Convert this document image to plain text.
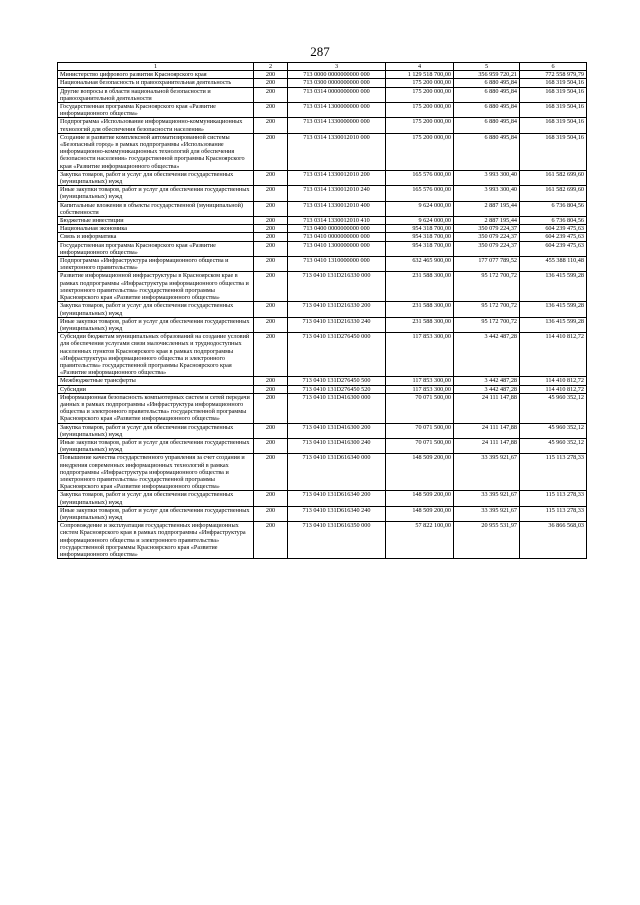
287
1	2	3	4	5	6
Министерство цифрового развития Красноярского края	200	713 0000 0000000000 000	1 129 518 700,00	356 959 720,21	772 558 979,79
Национальная безопасность и правоохранительная деятельность	200	713 0300 0000000000 000	175 200 000,00	6 880 495,84	168 319 504,16
Другие вопросы в области национальной безопасности и правоохранительной деятельности	200	713 0314 0000000000 000	175 200 000,00	6 880 495,84	168 319 504,16
Государственная программа Красноярского края «Развитие информационного общества»	200	713 0314 1300000000 000	175 200 000,00	6 880 495,84	168 319 504,16
Подпрограмма «Использование информационно-коммуникационных технологий для обеспечения безопасности населения»	200	713 0314 1330000000 000	175 200 000,00	6 880 495,84	168 319 504,16
Создание и развитие комплексной автоматизированной системы «Безопасный город» в рамках подпрограммы «Использование информационно-коммуникационных технологий для обеспечения безопасности населения» государственной программы Красноярского края «Развитие информационного общества»	200	713 0314 1330012010 000	175 200 000,00	6 880 495,84	168 319 504,16
Закупка товаров, работ и услуг для обеспечения государственных (муниципальных) нужд	200	713 0314 1330012010 200	165 576 000,00	3 993 300,40	161 582 699,60
Иные закупки товаров, работ и услуг для обеспечения государственных (муниципальных) нужд	200	713 0314 1330012010 240	165 576 000,00	3 993 300,40	161 582 699,60
Капитальные вложения в объекты государственной (муниципальной) собственности	200	713 0314 1330012010 400	9 624 000,00	2 887 195,44	6 736 804,56
Бюджетные инвестиции	200	713 0314 1330012010 410	9 624 000,00	2 887 195,44	6 736 804,56
Национальная экономика	200	713 0400 0000000000 000	954 318 700,00	350 079 224,37	604 239 475,63
Связь и информатика	200	713 0410 0000000000 000	954 318 700,00	350 079 224,37	604 239 475,63
Государственная программа Красноярского края «Развитие информационного общества»	200	713 0410 1300000000 000	954 318 700,00	350 079 224,37	604 239 475,63
Подпрограмма «Инфраструктура информационного общества и электронного правительства»	200	713 0410 1310000000 000	632 465 900,00	177 077 789,52	455 388 110,48
Развитие информационной инфраструктуры в Красноярском крае в рамках подпрограммы «Инфраструктура информационного общества и электронного правительства» государственной программы Красноярского края «Развитие информационного общества»	200	713 0410 131D216330 000	231 588 300,00	95 172 700,72	136 415 599,28
Закупка товаров, работ и услуг для обеспечения государственных (муниципальных) нужд	200	713 0410 131D216330 200	231 588 300,00	95 172 700,72	136 415 599,28
Иные закупки товаров, работ и услуг для обеспечения государственных (муниципальных) нужд	200	713 0410 131D216330 240	231 588 300,00	95 172 700,72	136 415 599,28
Субсидии бюджетам муниципальных образований на создание условий для обеспечения услугами связи малочисленных и труднодоступных населенных пунктов Красноярского края в рамках подпрограммы «Инфраструктура информационного общества и электронного правительства» государственной программы Красноярского края «Развитие информационного общества»	200	713 0410 131D276450 000	117 853 300,00	3 442 487,28	114 410 812,72
Межбюджетные трансферты	200	713 0410 131D276450 500	117 853 300,00	3 442 487,28	114 410 812,72
Субсидии	200	713 0410 131D276450 520	117 853 300,00	3 442 487,28	114 410 812,72
Информационная безопасность компьютерных систем и сетей передачи данных в рамках подпрограммы «Инфраструктура информационного общества и электронного правительства» государственной программы Красноярского края «Развитие информационного общества»	200	713 0410 131D416300 000	70 071 500,00	24 111 147,88	45 960 352,12
Закупка товаров, работ и услуг для обеспечения государственных (муниципальных) нужд	200	713 0410 131D416300 200	70 071 500,00	24 111 147,88	45 960 352,12
Иные закупки товаров, работ и услуг для обеспечения государственных (муниципальных) нужд	200	713 0410 131D416300 240	70 071 500,00	24 111 147,88	45 960 352,12
Повышение качества государственного управления за счет создания и внедрения современных информационных технологий в рамках подпрограммы «Инфраструктура информационного общества и электронного правительства» государственной программы Красноярского края «Развитие информационного общества»	200	713 0410 131D616340 000	148 509 200,00	33 395 921,67	115 113 278,33
Закупка товаров, работ и услуг для обеспечения государственных (муниципальных) нужд	200	713 0410 131D616340 200	148 509 200,00	33 395 921,67	115 113 278,33
Иные закупки товаров, работ и услуг для обеспечения государственных (муниципальных) нужд	200	713 0410 131D616340 240	148 509 200,00	33 395 921,67	115 113 278,33
Сопровождение и эксплуатация государственных информационных систем Красноярского края в рамках подпрограммы «Инфраструктура информационного общества и электронного правительства» государственной программы Красноярского края «Развитие информационного общества»	200	713 0410 131D616350 000	57 822 100,00	20 955 531,97	36 866 568,03
